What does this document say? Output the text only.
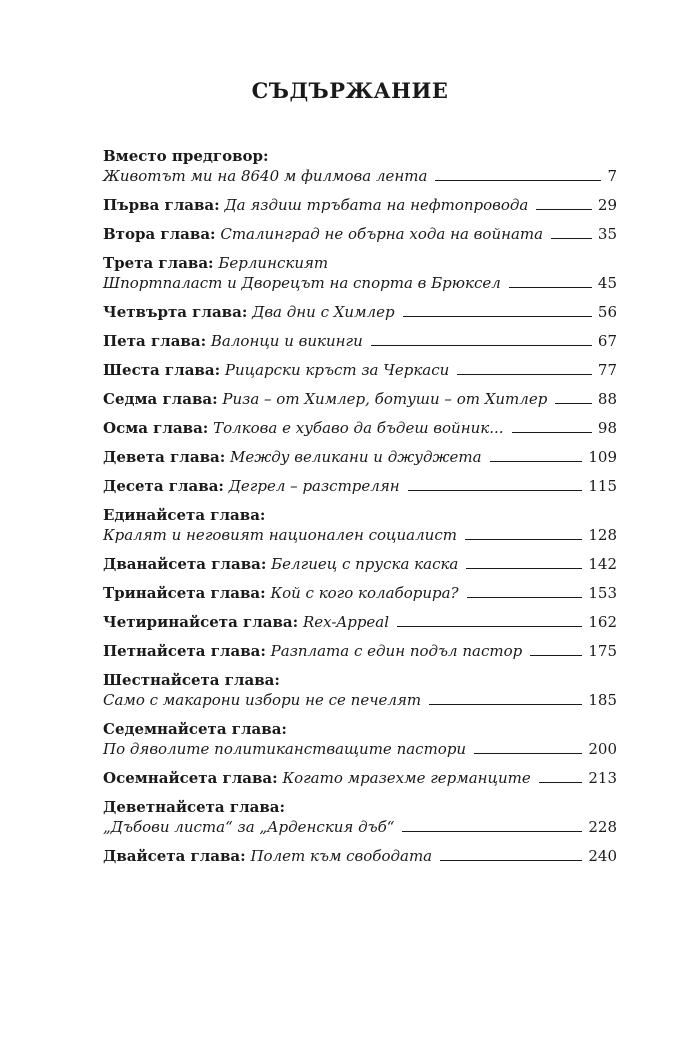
СЪДЪРЖАНИЕ
Вместо предговор:
Животът ми на 8640 м филмова лента	7
Първа глава: Да яздиш тръбата на нефтопровода	29
Втора глава: Сталинград не обърна хода на войната	35
Трета глава: Берлинският
Шпортпаласт и Дворецът на спорта в Брюксел	45
Четвърта глава: Два дни с Химлер	56
Пета глава: Валонци и викинги	67
Шеста глава: Рицарски кръст за Черкаси	77
Седма глава: Риза – от Химлер, ботуши – от Хитлер	88
Осма глава: Толкова е хубаво да бъдеш войник...	98
Девета глава: Между великани и джуджета	109
Десета глава: Дегрел – разстрелян	115
Единайсета глава:
Кралят и неговият национален социалист	128
Дванайсета глава: Белгиец с пруска каска	142
Тринайсета глава: Кой с кого колаборира?	153
Четиринайсета глава: Rex-Appeal	162
Петнайсета глава: Разплата с един подъл пастор	175
Шестнайсета глава:
Само с макарони избори не се печелят	185
Седемнайсета глава:
По дяволите политиканстващите пастори	200
Осемнайсета глава: Когато мразехме германците	213
Деветнайсета глава:
„Дъбови листа“ за „Арденския дъб“	228
Двайсета глава: Полет към свободата	240
